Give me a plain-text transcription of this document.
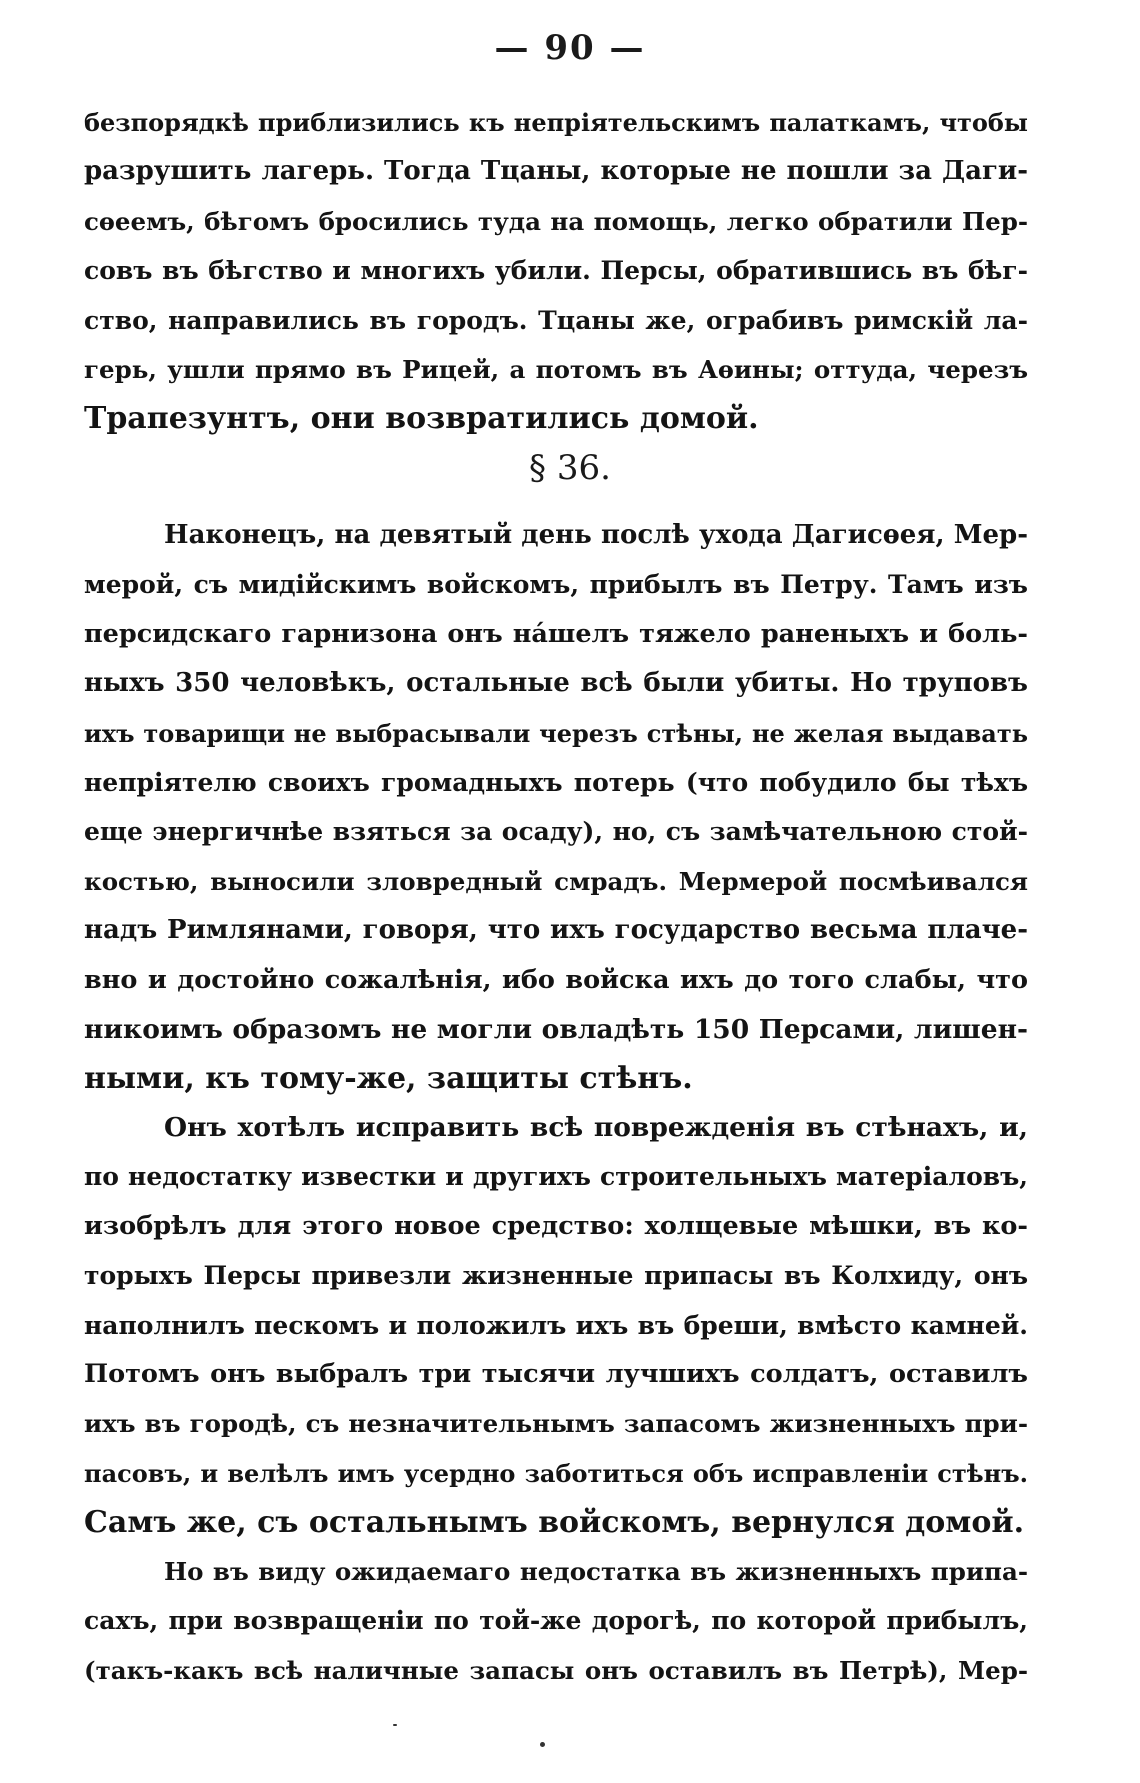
— 90 —
безпорядкѣ приблизились къ непріятельскимъ палаткамъ, чтобы
разрушить лагерь. Тогда Тцаны, которые не пошли за Даги-
сѳеемъ, бѣгомъ бросились туда на помощь, легко обратили Пер-
совъ въ бѣгство и многихъ убили. Персы, обратившись въ бѣг-
ство, направились въ городъ. Тцаны же, ограбивъ римскій ла-
герь, ушли прямо въ Рицей, а потомъ въ Аѳины; оттуда, черезъ
Трапезунтъ, они возвратились домой.
§ 36.
Наконецъ, на девятый день послѣ ухода Дагисѳея, Мер-
мерой, съ мидійскимъ войскомъ, прибылъ въ Петру. Тамъ изъ
персидскаго гарнизона онъ нáшелъ тяжело раненыхъ и боль-
ныхъ 350 человѣкъ, остальные всѣ были убиты. Но труповъ
ихъ товарищи не выбрасывали черезъ стѣны, не желая выдавать
непріятелю своихъ громадныхъ потерь (что побудило бы тѣхъ
еще энергичнѣе взяться за осаду), но, съ замѣчательною стой-
костью, выносили зловредный смрадъ. Мермерой посмѣивался
надъ Римлянами, говоря, что ихъ государство весьма плаче-
вно и достойно сожалѣнія, ибо войска ихъ до того слабы, что
никоимъ образомъ не могли овладѣть 150 Персами, лишен-
ными, къ тому-же, защиты стѣнъ.
Онъ хотѣлъ исправить всѣ поврежденія въ стѣнахъ, и,
по недостатку известки и другихъ строительныхъ матеріаловъ,
изобрѣлъ для этого новое средство: холщевые мѣшки, въ ко-
торыхъ Персы привезли жизненные припасы въ Колхиду, онъ
наполнилъ пескомъ и положилъ ихъ въ бреши, вмѣсто камней.
Потомъ онъ выбралъ три тысячи лучшихъ солдатъ, оставилъ
ихъ въ городѣ, съ незначительнымъ запасомъ жизненныхъ при-
пасовъ, и велѣлъ имъ усердно заботиться объ исправленіи стѣнъ.
Самъ же, съ остальнымъ войскомъ, вернулся домой.
Но въ виду ожидаемаго недостатка въ жизненныхъ припа-
сахъ, при возвращеніи по той-же дорогѣ, по которой прибылъ,
(такъ-какъ всѣ наличные запасы онъ оставилъ въ Петрѣ), Мер-
